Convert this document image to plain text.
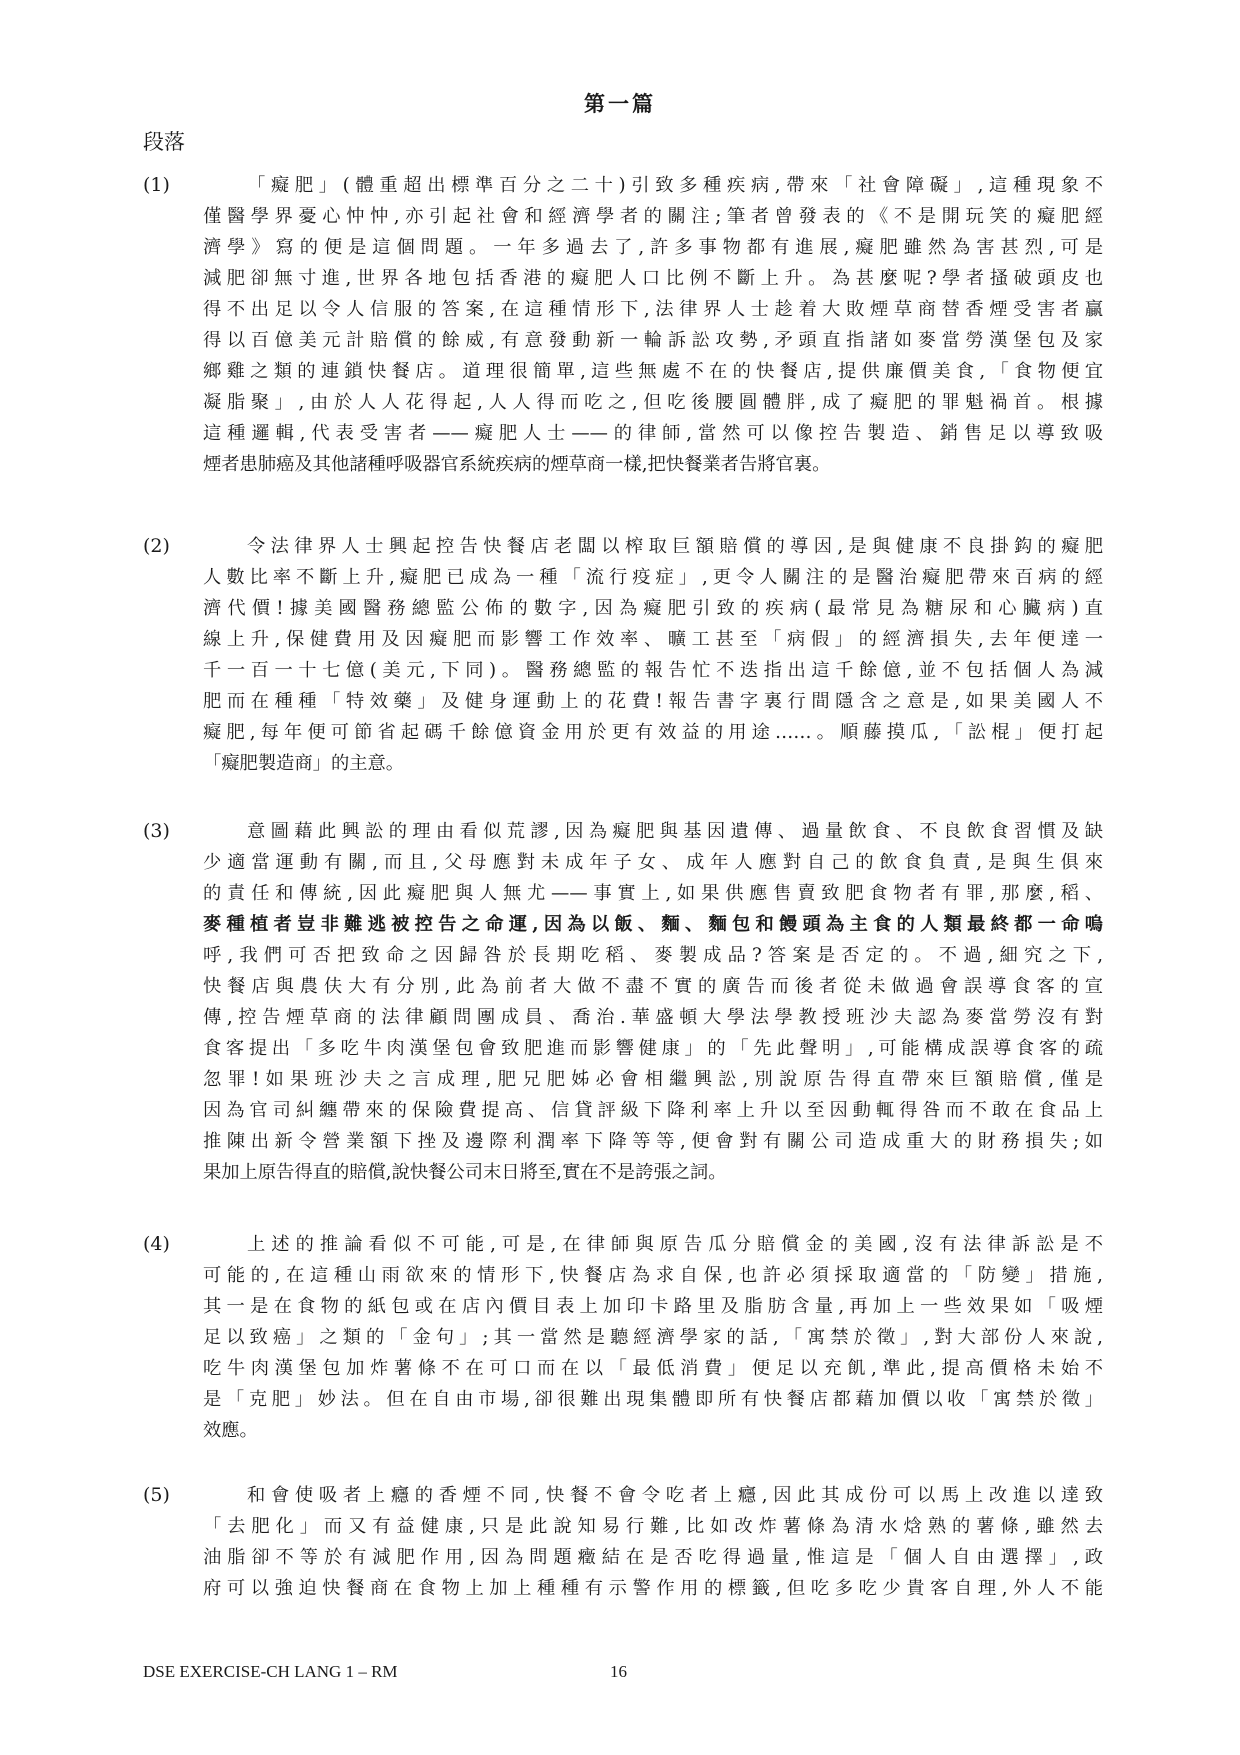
第一篇
段落
(1)	「癡肥」(體重超出標準百分之二十)引致多種疾病,帶來「社會障礙」,這種現象不
僅醫學界憂心忡忡,亦引起社會和經濟學者的關注;筆者曾發表的《不是開玩笑的癡肥經
濟學》寫的便是這個問題。一年多過去了,許多事物都有進展,癡肥雖然為害甚烈,可是
減肥卻無寸進,世界各地包括香港的癡肥人口比例不斷上升。為甚麼呢?學者搔破頭皮也
得不出足以令人信服的答案,在這種情形下,法律界人士趁着大敗煙草商替香煙受害者贏
得以百億美元計賠償的餘威,有意發動新一輪訴訟攻勢,矛頭直指諸如麥當勞漢堡包及家
鄉雞之類的連鎖快餐店。道理很簡單,這些無處不在的快餐店,提供廉價美食,「食物便宜
凝脂聚」,由於人人花得起,人人得而吃之,但吃後腰圓體胖,成了癡肥的罪魁禍首。根據
這種邏輯,代表受害者——癡肥人士——的律師,當然可以像控告製造、銷售足以導致吸
煙者患肺癌及其他諸種呼吸器官系統疾病的煙草商一樣,把快餐業者告將官裏。
(2)	令法律界人士興起控告快餐店老闆以榨取巨額賠償的導因,是與健康不良掛鈎的癡肥
人數比率不斷上升,癡肥已成為一種「流行疫症」,更令人關注的是醫治癡肥帶來百病的經
濟代價!據美國醫務總監公佈的數字,因為癡肥引致的疾病(最常見為糖尿和心臟病)直
線上升,保健費用及因癡肥而影響工作效率、曠工甚至「病假」的經濟損失,去年便達一
千一百一十七億(美元,下同)。醫務總監的報告忙不迭指出這千餘億,並不包括個人為減
肥而在種種「特效藥」及健身運動上的花費!報告書字裏行間隱含之意是,如果美國人不
癡肥,每年便可節省起碼千餘億資金用於更有效益的用途……。順藤摸瓜,「訟棍」便打起
「癡肥製造商」的主意。
(3)	意圖藉此興訟的理由看似荒謬,因為癡肥與基因遺傳、過量飲食、不良飲食習慣及缺
少適當運動有關,而且,父母應對未成年子女、成年人應對自己的飲食負責,是與生俱來
的責任和傳統,因此癡肥與人無尤——事實上,如果供應售賣致肥食物者有罪,那麼,稻、
麥種植者豈非難逃被控告之命運,因為以飯、麵、麵包和饅頭為主食的人類最終都一命嗚
呼,我們可否把致命之因歸咎於長期吃稻、麥製成品?答案是否定的。不過,細究之下,
快餐店與農伕大有分別,此為前者大做不盡不實的廣告而後者從未做過會誤導食客的宣
傳,控告煙草商的法律顧問團成員、喬治.華盛頓大學法學教授班沙夫認為麥當勞沒有對
食客提出「多吃牛肉漢堡包會致肥進而影響健康」的「先此聲明」,可能構成誤導食客的疏
忽罪!如果班沙夫之言成理,肥兄肥姊必會相繼興訟,別說原告得直帶來巨額賠償,僅是
因為官司糾纏帶來的保險費提高、信貸評級下降利率上升以至因動輒得咎而不敢在食品上
推陳出新令營業額下挫及邊際利潤率下降等等,便會對有關公司造成重大的財務損失;如
果加上原告得直的賠償,說快餐公司末日將至,實在不是誇張之詞。
(4)	上述的推論看似不可能,可是,在律師與原告瓜分賠償金的美國,沒有法律訴訟是不
可能的,在這種山雨欲來的情形下,快餐店為求自保,也許必須採取適當的「防變」措施,
其一是在食物的紙包或在店內價目表上加印卡路里及脂肪含量,再加上一些效果如「吸煙
足以致癌」之類的「金句」;其一當然是聽經濟學家的話,「寓禁於徵」,對大部份人來說,
吃牛肉漢堡包加炸薯條不在可口而在以「最低消費」便足以充飢,準此,提高價格未始不
是「克肥」妙法。但在自由市場,卻很難出現集體即所有快餐店都藉加價以收「寓禁於徵」
效應。
(5)	和會使吸者上癮的香煙不同,快餐不會令吃者上癮,因此其成份可以馬上改進以達致
「去肥化」而又有益健康,只是此說知易行難,比如改炸薯條為清水焓熟的薯條,雖然去
油脂卻不等於有減肥作用,因為問題癥結在是否吃得過量,惟這是「個人自由選擇」,政
府可以強迫快餐商在食物上加上種種有示警作用的標籤,但吃多吃少貴客自理,外人不能
DSE EXERCISE-CH LANG 1 – RM	16
